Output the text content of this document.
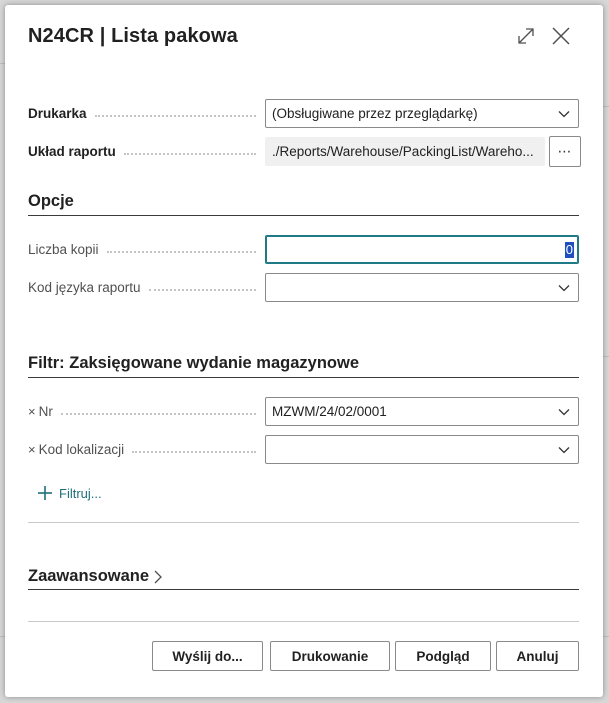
N24CR | Lista pakowa
Drukarka	(Obsługiwane przez przeglądarkę)
Układ raportu	./Reports/Warehouse/PackingList/Wareho... ⋯
Opcje
Liczba kopii	0
Kod języka raportu
Filtr: Zaksięgowane wydanie magazynowe
× Nr	MZWM/24/02/0001
× Kod lokalizacji
Filtruj...
Zaawansowane
Wyślij do...	Drukowanie	Podgląd	Anuluj
